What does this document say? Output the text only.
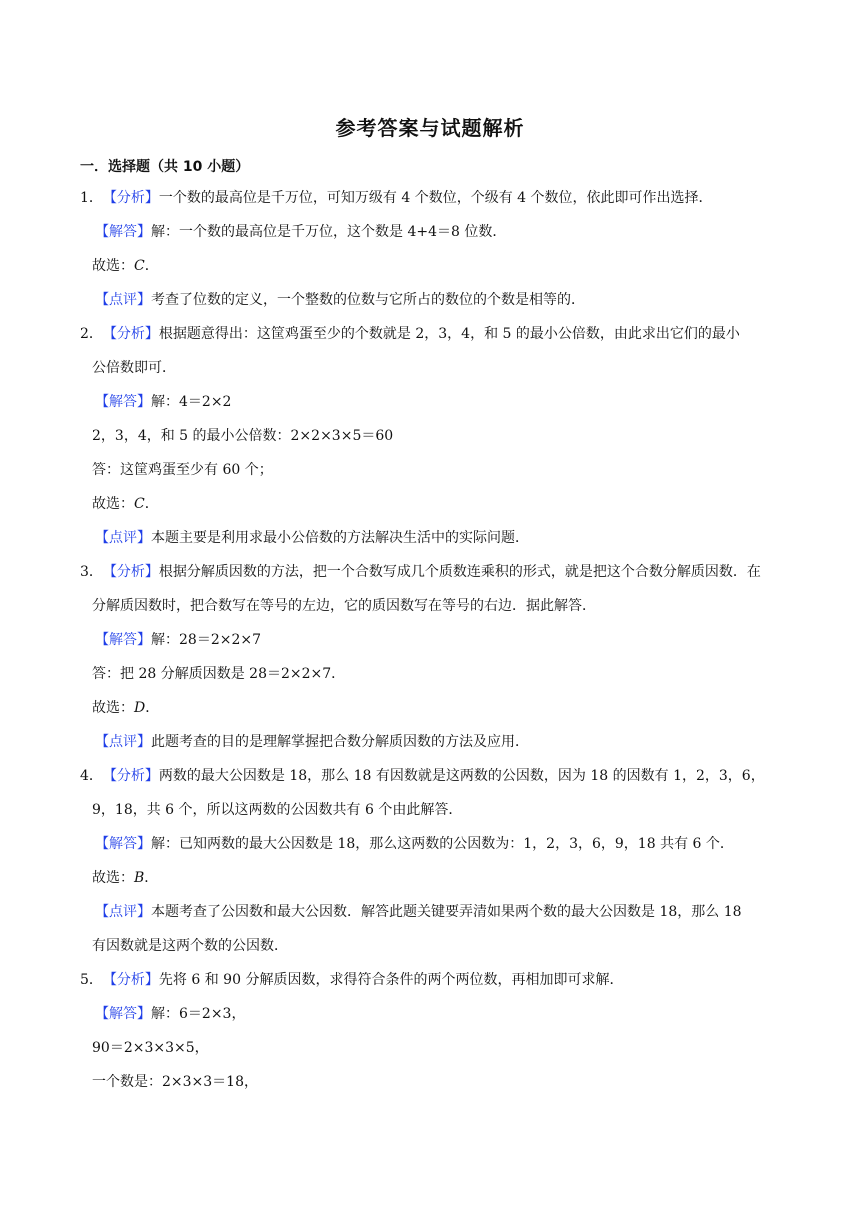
参考答案与试题解析
一．选择题（共 10 小题）
1．【分析】一个数的最高位是千万位，可知万级有 4 个数位，个级有 4 个数位，依此即可作出选择．
【解答】解：一个数的最高位是千万位，这个数是 4+4＝8 位数．
故选：C．
【点评】考查了位数的定义，一个整数的位数与它所占的数位的个数是相等的．
2．【分析】根据题意得出：这筐鸡蛋至少的个数就是 2，3，4，和 5 的最小公倍数，由此求出它们的最小
公倍数即可．
【解答】解：4＝2×2
2，3，4，和 5 的最小公倍数：2×2×3×5＝60
答：这筐鸡蛋至少有 60 个；
故选：C．
【点评】本题主要是利用求最小公倍数的方法解决生活中的实际问题．
3．【分析】根据分解质因数的方法，把一个合数写成几个质数连乘积的形式，就是把这个合数分解质因数．在
分解质因数时，把合数写在等号的左边，它的质因数写在等号的右边．据此解答．
【解答】解：28＝2×2×7
答：把 28 分解质因数是 28＝2×2×7．
故选：D．
【点评】此题考查的目的是理解掌握把合数分解质因数的方法及应用．
4．【分析】两数的最大公因数是 18，那么 18 有因数就是这两数的公因数，因为 18 的因数有 1，2，3，6，
9，18，共 6 个，所以这两数的公因数共有 6 个由此解答．
【解答】解：已知两数的最大公因数是 18，那么这两数的公因数为：1，2，3，6，9，18 共有 6 个．
故选：B．
【点评】本题考查了公因数和最大公因数．解答此题关键要弄清如果两个数的最大公因数是 18，那么 18
有因数就是这两个数的公因数．
5．【分析】先将 6 和 90 分解质因数，求得符合条件的两个两位数，再相加即可求解．
【解答】解：6＝2×3，
90＝2×3×3×5，
一个数是：2×3×3＝18，
